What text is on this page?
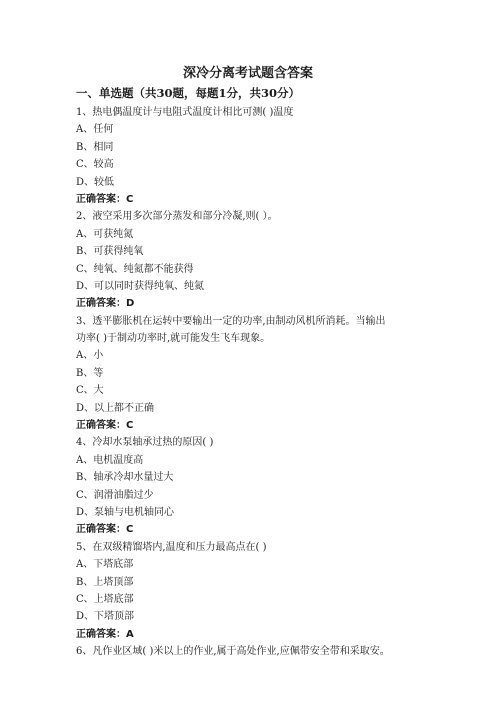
深冷分离考试题含答案
一、单选题（共30题，每题1分，共30分）
1、热电偶温度计与电阻式温度计相比可测( )温度
A、任何
B、相同
C、较高
D、较低
正确答案：C
2、液空采用多次部分蒸发和部分冷凝,则( ）。
A、可获纯氮
B、可获得纯氧
C、纯氧、纯氮都不能获得
D、可以同时获得纯氧、纯氮
正确答案：D
3、透平膨胀机在运转中要输出一定的功率,由制动风机所消耗。当输出
功率( )于制动功率时,就可能发生飞车现象。
A、小
B、等
C、大
D、以上都不正确
正确答案：C
4、冷却水泵轴承过热的原因( )
A、电机温度高
B、轴承冷却水量过大
C、润滑油脂过少
D、泵轴与电机轴同心
正确答案：C
5、在双级精馏塔内,温度和压力最高点在( )
A、下塔底部
B、上塔顶部
C、上塔底部
D、下塔顶部
正确答案：A
6、凡作业区域( )米以上的作业,属于高处作业,应佩带安全带和采取安。
